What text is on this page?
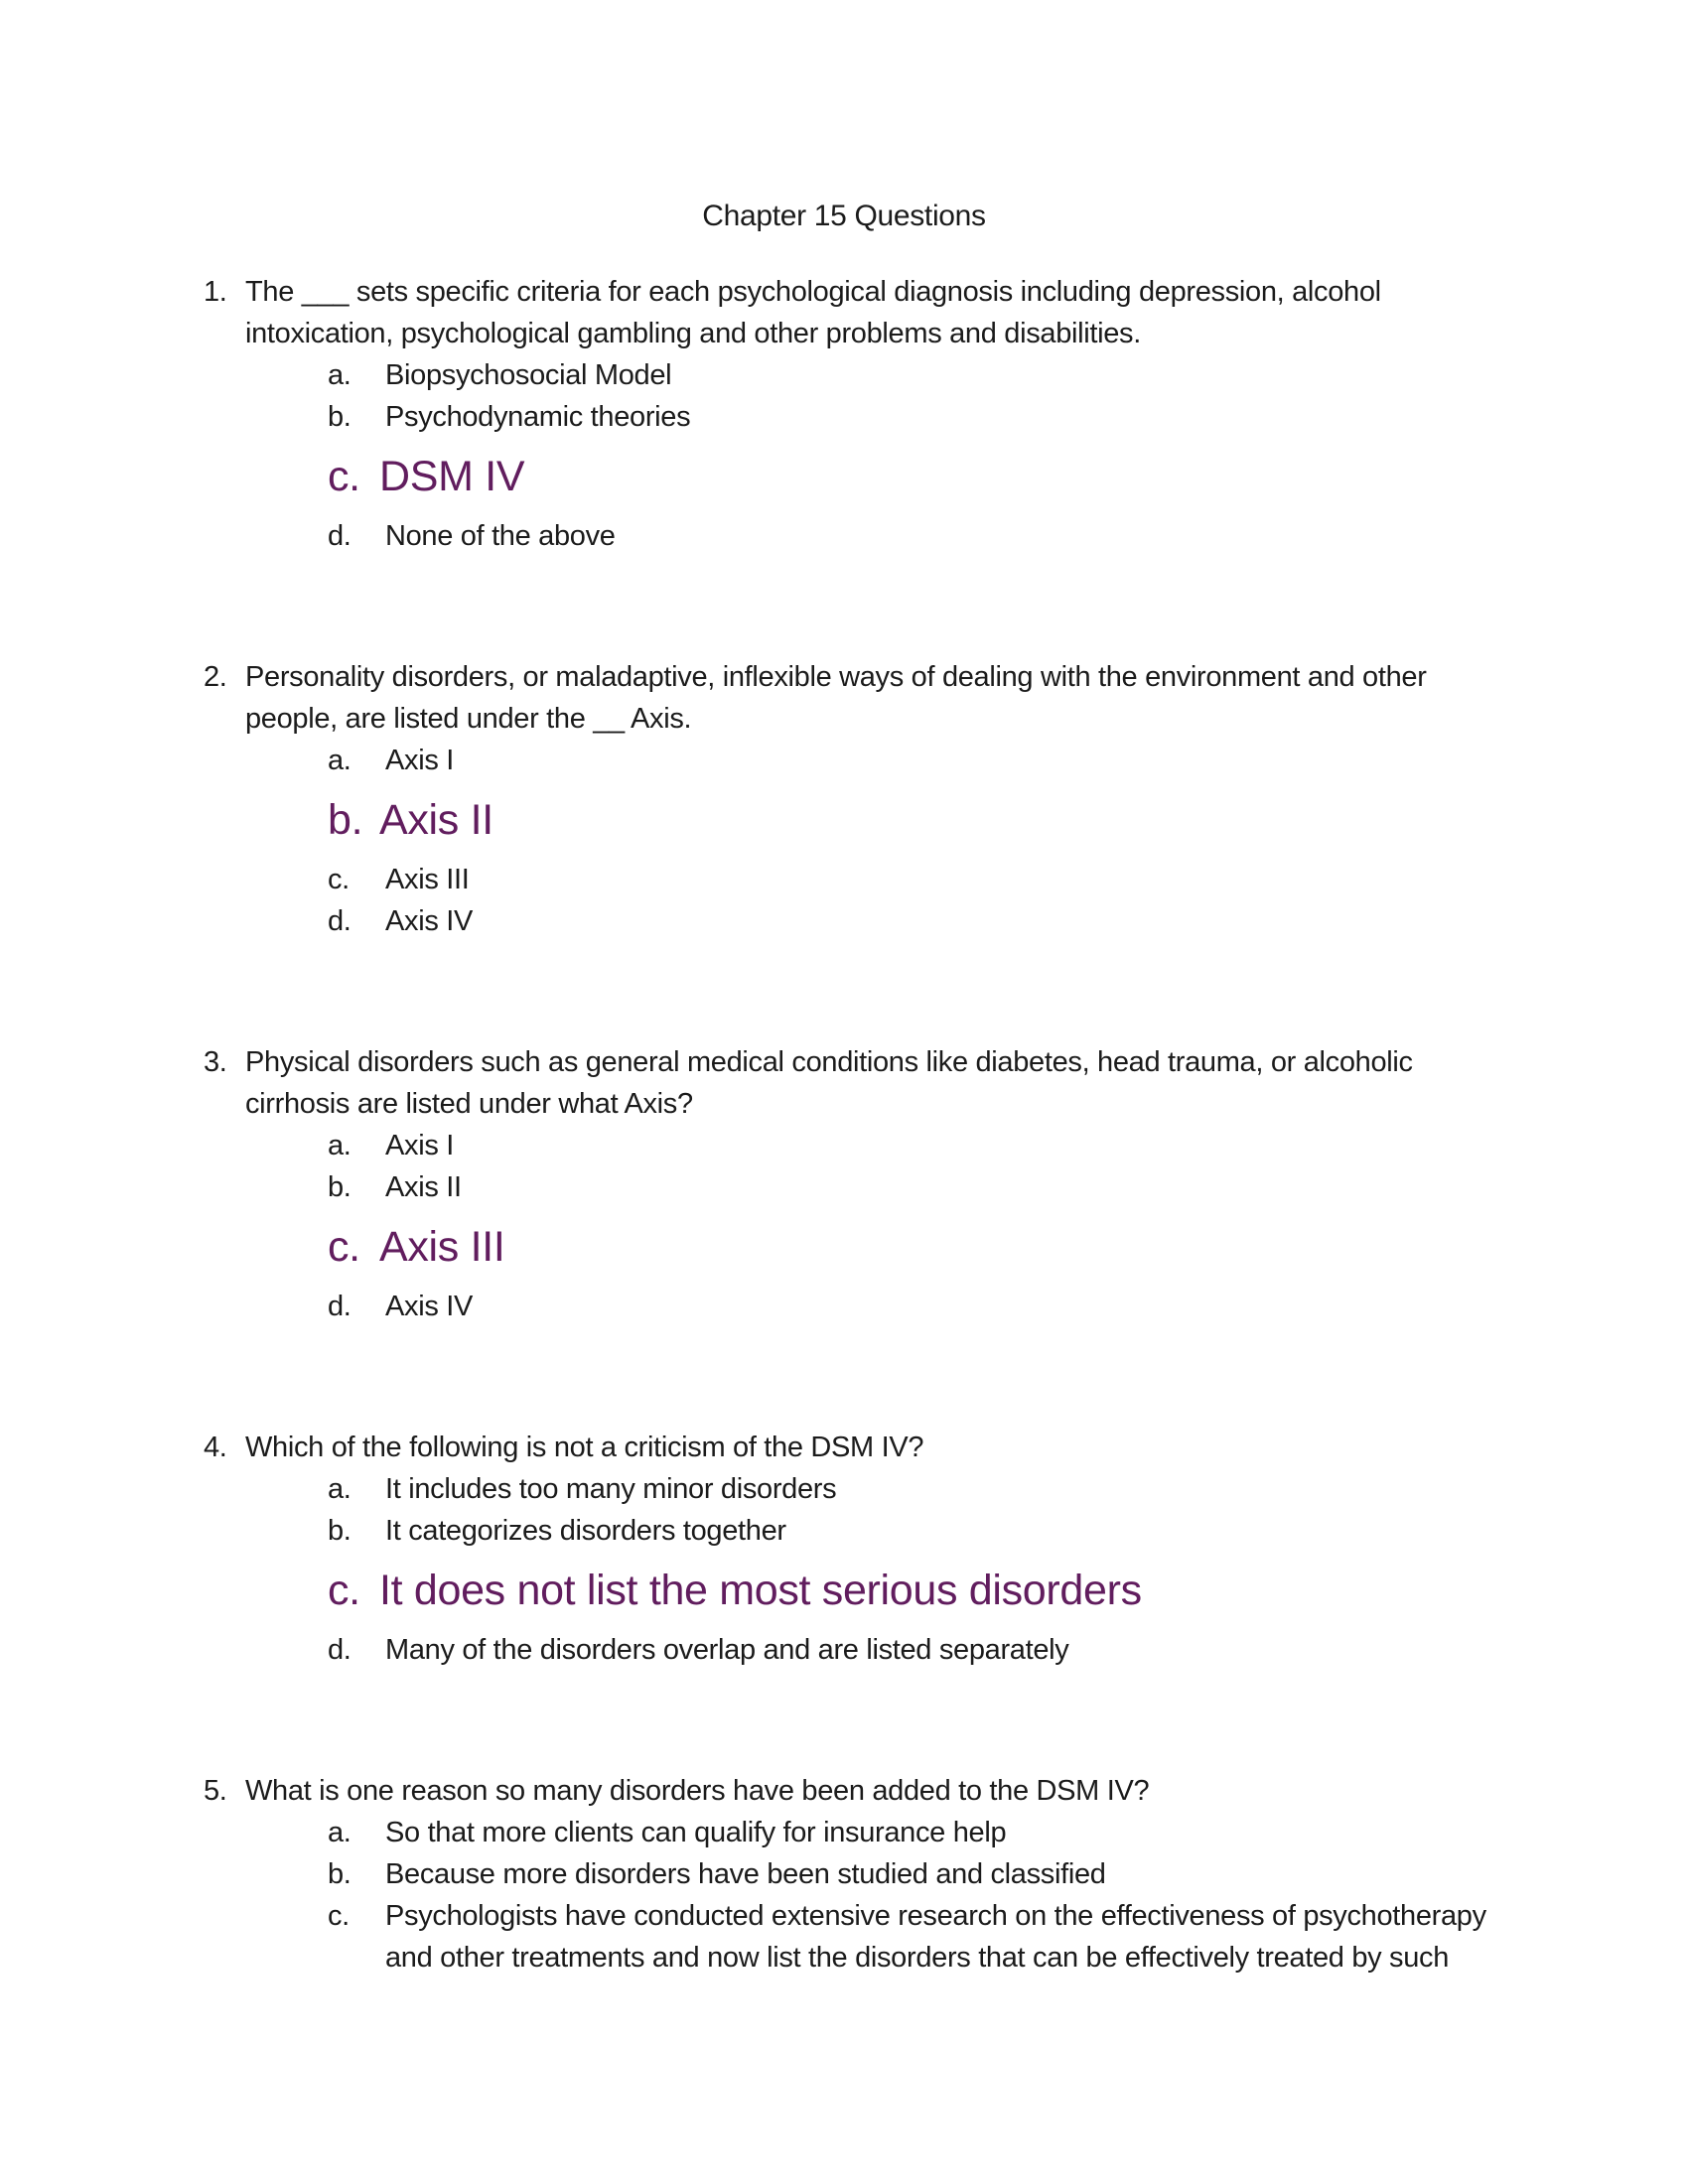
Chapter 15 Questions
1. The ___ sets specific criteria for each psychological diagnosis including depression, alcohol intoxication, psychological gambling and other problems and disabilities.
a.	Biopsychosocial Model
b.	Psychodynamic theories
c. DSM IV
d.	None of the above
2. Personality disorders, or maladaptive, inflexible ways of dealing with the environment and other people, are listed under the __ Axis.
a.	Axis I
b. Axis II
c.	Axis III
d.	Axis IV
3. Physical disorders such as general medical conditions like diabetes, head trauma, or alcoholic cirrhosis are listed under what Axis?
a.	Axis I
b.	Axis II
c. Axis III
d.	Axis IV
4. Which of the following is not a criticism of the DSM IV?
a.	It includes too many minor disorders
b.	It categorizes disorders together
c. It does not list the most serious disorders
d.	Many of the disorders overlap and are listed separately
5. What is one reason so many disorders have been added to the DSM IV?
a.	So that more clients can qualify for insurance help
b.	Because more disorders have been studied and classified
c.	Psychologists have conducted extensive research on the effectiveness of psychotherapy and other treatments and now list the disorders that can be effectively treated by such
